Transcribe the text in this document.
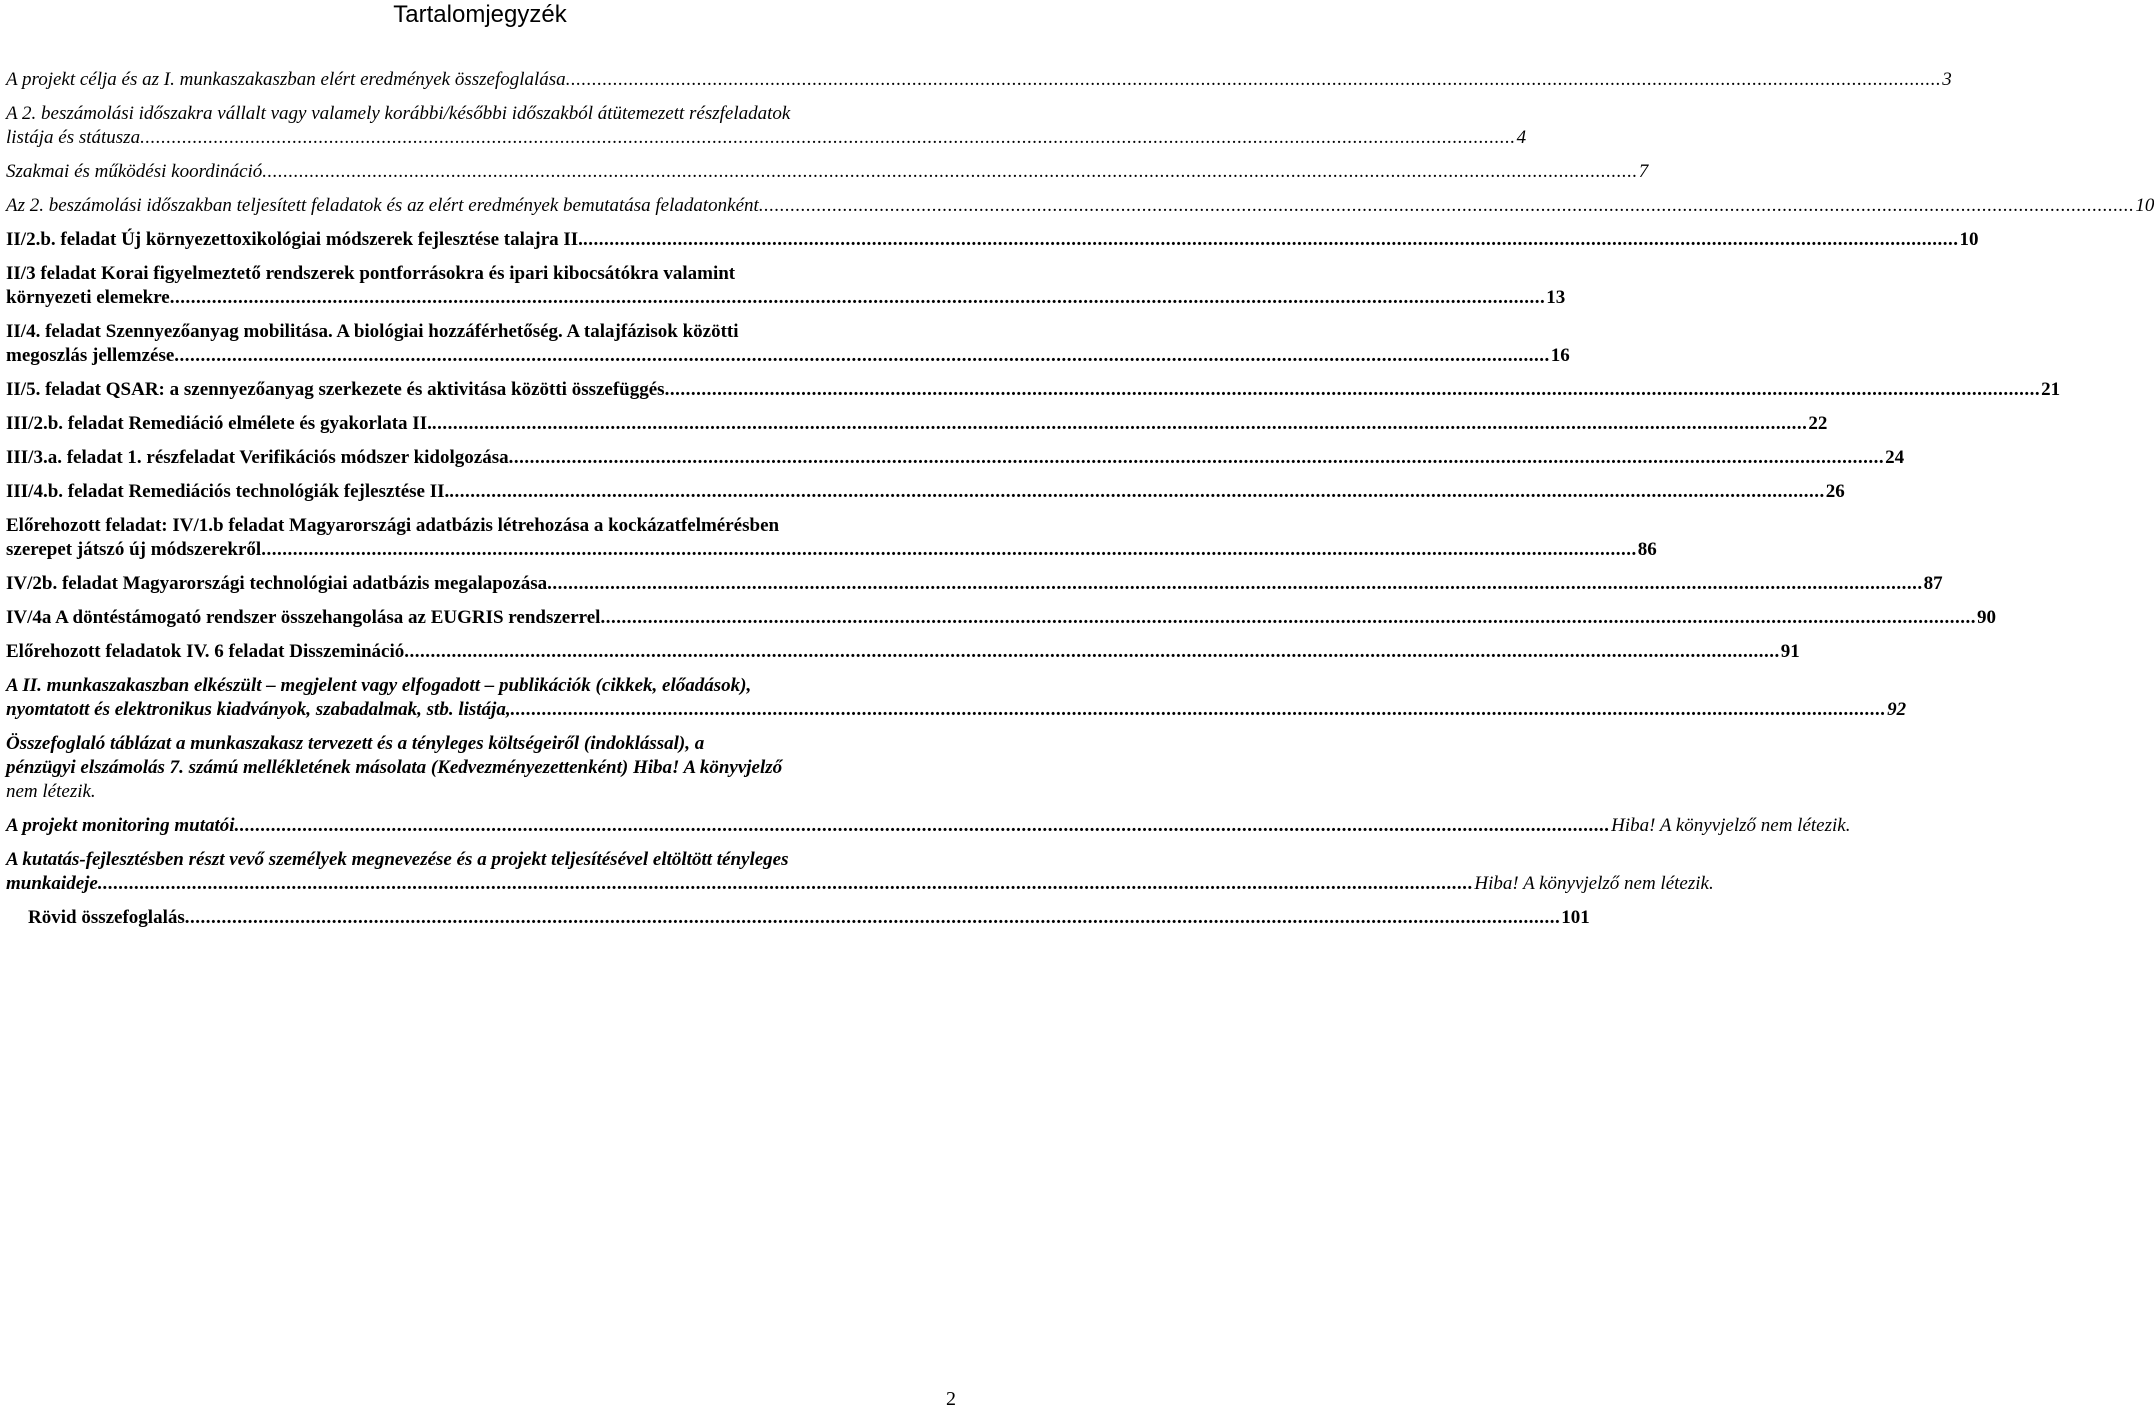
Tartalomjegyzék
A projekt célja és az I. munkaszakaszban elért eredmények összefoglalása .....	3
A 2. beszámolási időszakra vállalt vagy valamely korábbi/későbbi időszakból átütemezett részfeladatok
listája és státusza .....	4
Szakmai és működési koordináció .....	7
Az 2. beszámolási időszakban teljesített feladatok és az elért eredmények bemutatása feladatonként .....	10
II/2.b. feladat Új környezettoxikológiai módszerek fejlesztése talajra II. .....	10
II/3 feladat Korai figyelmeztető rendszerek pontforrásokra és ipari kibocsátókra valamint
környezeti elemekre .....	13
II/4. feladat Szennyezőanyag mobilitása. A biológiai hozzáférhetőség. A talajfázisok közötti
megoszlás jellemzése .....	16
II/5. feladat QSAR: a szennyezőanyag szerkezete és aktivitása közötti összefüggés .....	21
III/2.b. feladat Remediáció elmélete és gyakorlata II. .....	22
III/3.a. feladat 1. részfeladat Verifikációs módszer kidolgozása .....	24
III/4.b. feladat Remediációs technológiák fejlesztése II. .....	26
Előrehozott feladat: IV/1.b feladat Magyarországi adatbázis létrehozása a kockázatfelmérésben
szerepet játszó új módszerekről .....	86
IV/2b. feladat Magyarországi technológiai adatbázis megalapozása .....	87
IV/4a A döntéstámogató rendszer összehangolása az EUGRIS rendszerrel .....	90
Előrehozott feladatok IV. 6 feladat Disszemináció .....	91
A II. munkaszakaszban elkészült – megjelent vagy elfogadott – publikációk (cikkek, előadások),
nyomtatott és elektronikus kiadványok, szabadalmak, stb. listája, .....	92
Összefoglaló táblázat a munkaszakasz tervezett és a tényleges költségeiről (indoklással), a
pénzügyi elszámolás 7. számú mellékletének másolata (Kedvezményezettenként) Hiba! A könyvjelző
nem létezik.
A projekt monitoring mutatói .....	Hiba! A könyvjelző nem létezik.
A kutatás-fejlesztésben részt vevő személyek megnevezése és a projekt teljesítésével eltöltött tényleges
munkaideje .....	Hiba! A könyvjelző nem létezik.
Rövid összefoglalás .....	101
2
